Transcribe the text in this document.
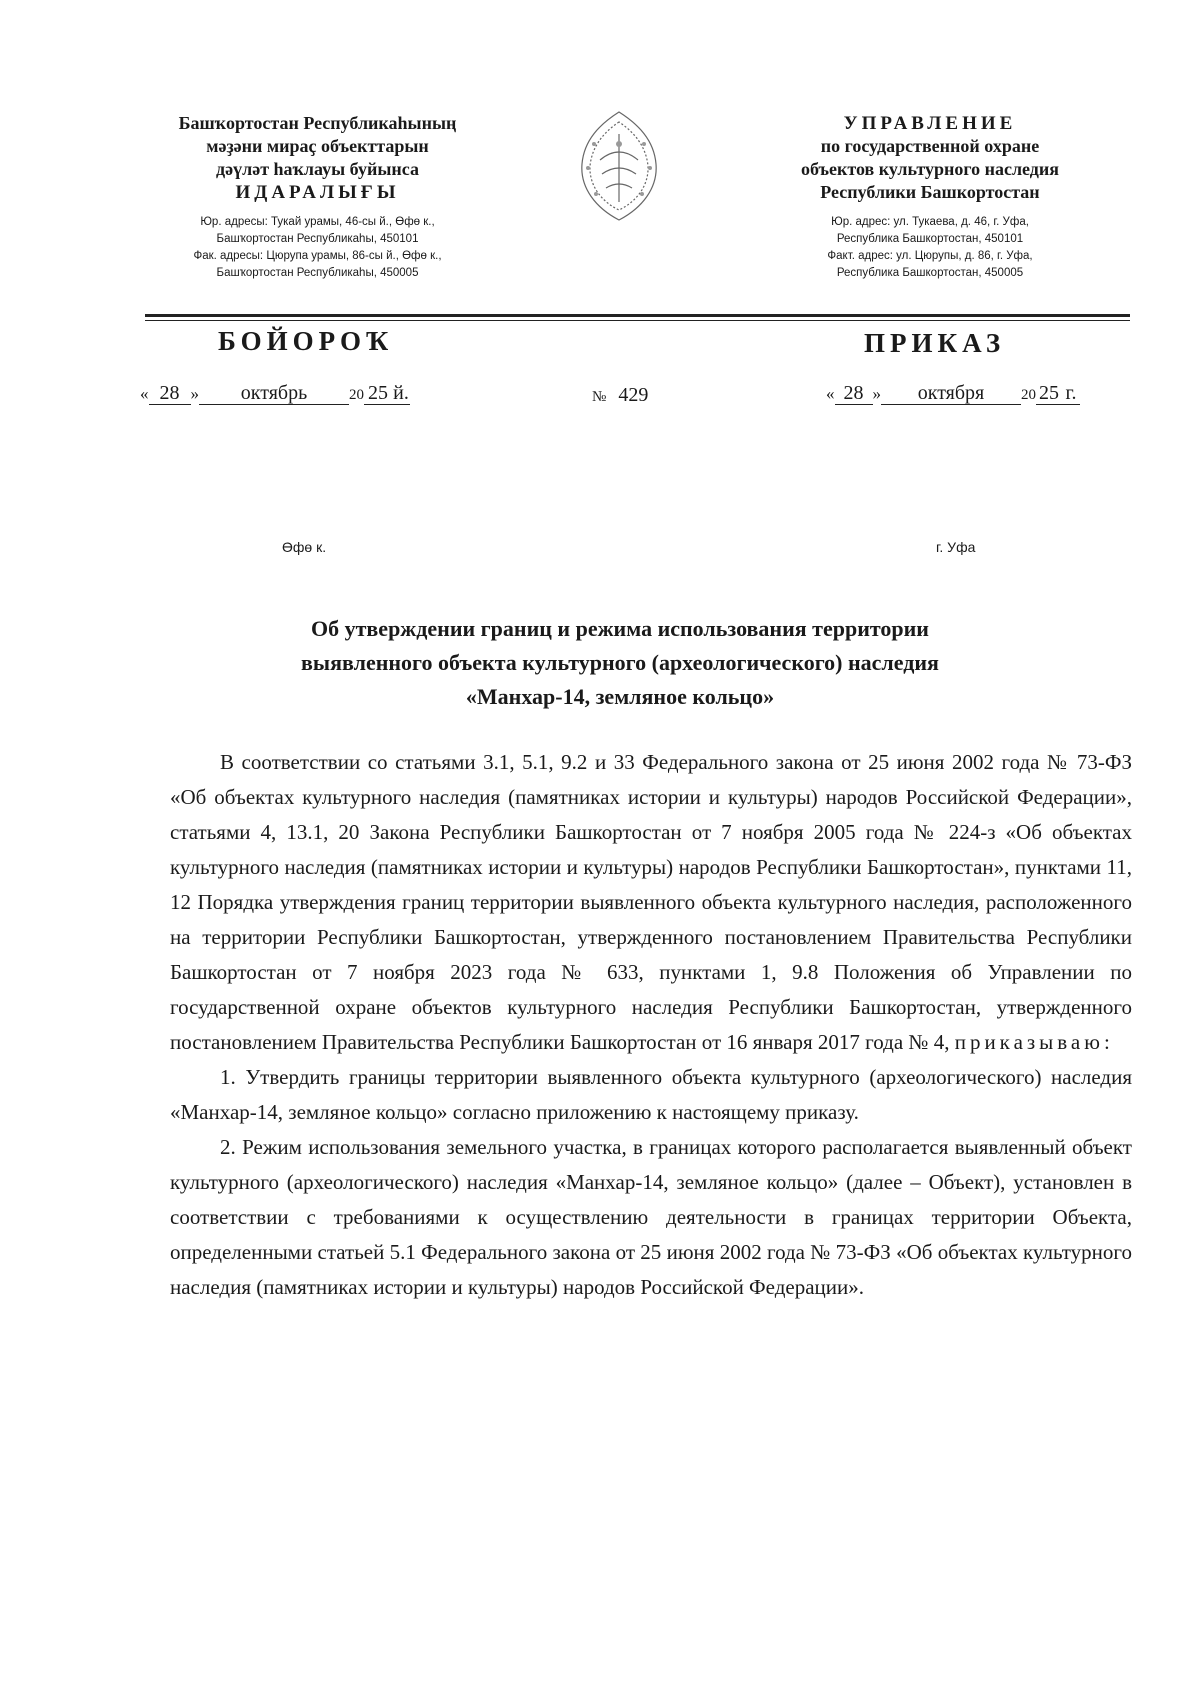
Башҡортостан Республикаһының
мәҙәни мираҫ объекттарын
дәүләт һаҡлауы буйынса
ИДАРАЛЫҒЫ
Юр. адресы: Тукай урамы, 46-сы й., Өфө к.,
Башҡортостан Республикаһы, 450101
Фак. адресы: Цюрупа урамы, 86-сы й., Өфө к.,
Башҡортостан Республикаһы, 450005
УПРАВЛЕНИЕ
по государственной охране
объектов культурного наследия
Республики Башкортостан
Юр. адрес: ул. Тукаева, д. 46, г. Уфа,
Республика Башкортостан, 450101
Факт. адрес: ул. Цюрупы, д. 86, г. Уфа,
Республика Башкортостан, 450005
БОЙОРОҠ	ПРИКАЗ
« 28 » октябрь	20 25 й.	№ 429	« 28 » октября 20 25 г.
Өфө к.	г. Уфа
Об утверждении границ и режима использования территории
выявленного объекта культурного (археологического) наследия
«Манхар-14, земляное кольцо»

В соответствии со статьями 3.1, 5.1, 9.2 и 33 Федерального закона от 25 июня 2002 года № 73-ФЗ «Об объектах культурного наследия (памятниках истории и культуры) народов Российской Федерации», статьями 4, 13.1, 20 Закона Республики Башкортостан от 7 ноября 2005 года № 224-з «Об объектах культурного наследия (памятниках истории и культуры) народов Республики Башкортостан», пунктами 11, 12 Порядка утверждения границ территории выявленного объекта культурного наследия, расположенного на территории Республики Башкортостан, утвержденного постановлением Правительства Республики Башкортостан от 7 ноября 2023 года № 633, пунктами 1, 9.8 Положения об Управлении по государственной охране объектов культурного наследия Республики Башкортостан, утвержденного постановлением Правительства Республики Башкортостан от 16 января 2017 года № 4, приказываю:

1. Утвердить границы территории выявленного объекта культурного (археологического) наследия «Манхар-14, земляное кольцо» согласно приложению к настоящему приказу.

2. Режим использования земельного участка, в границах которого располагается выявленный объект культурного (археологического) наследия «Манхар-14, земляное кольцо» (далее – Объект), установлен в соответствии с требованиями к осуществлению деятельности в границах территории Объекта, определенными статьей 5.1 Федерального закона от 25 июня 2002 года № 73-ФЗ «Об объектах культурного наследия (памятниках истории и культуры) народов Российской Федерации».
